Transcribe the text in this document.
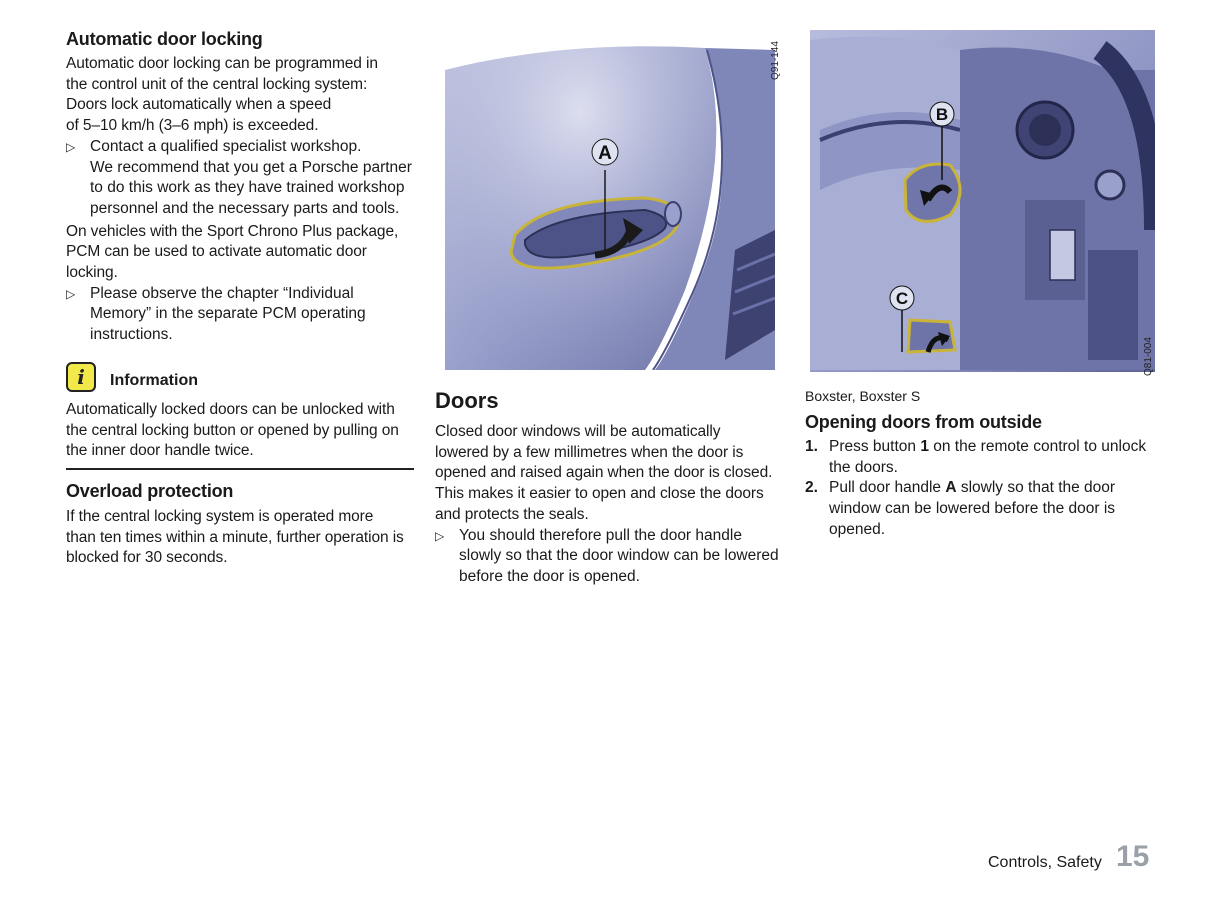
Automatic door locking

Automatic door locking can be programmed in

the control unit of the central locking system:

Doors lock automatically when a speed

of 5–10 km/h (3–6 mph) is exceeded.

▷ Contact a qualified specialist workshop.
We recommend that you get a Porsche partner
to do this work as they have trained workshop
personnel and the necessary parts and tools.

On vehicles with the Sport Chrono Plus package,

PCM can be used to activate automatic door

locking.

▷ Please observe the chapter “Individual
Memory” in the separate PCM operating
instructions.
i	Information

Automatically locked doors can be unlocked with

the central locking button or opened by pulling on

the inner door handle twice.

Overload protection

If the central locking system is operated more

than ten times within a minute, further operation is

blocked for 30 seconds.

A
Q91-144
B
C
Q81-004
Doors

Closed door windows will be automatically

lowered by a few millimetres when the door is

opened and raised again when the door is closed.

This makes it easier to open and close the doors

and protects the seals.

▷ You should therefore pull the door handle
slowly so that the door window can be lowered
before the door is opened.
Boxster, Boxster S
Opening doors from outside
1. Press button 1 on the remote control to unlock
the doors.
2. Pull door handle A slowly so that the door
window can be lowered before the door is
opened.
Controls, Safety 15
